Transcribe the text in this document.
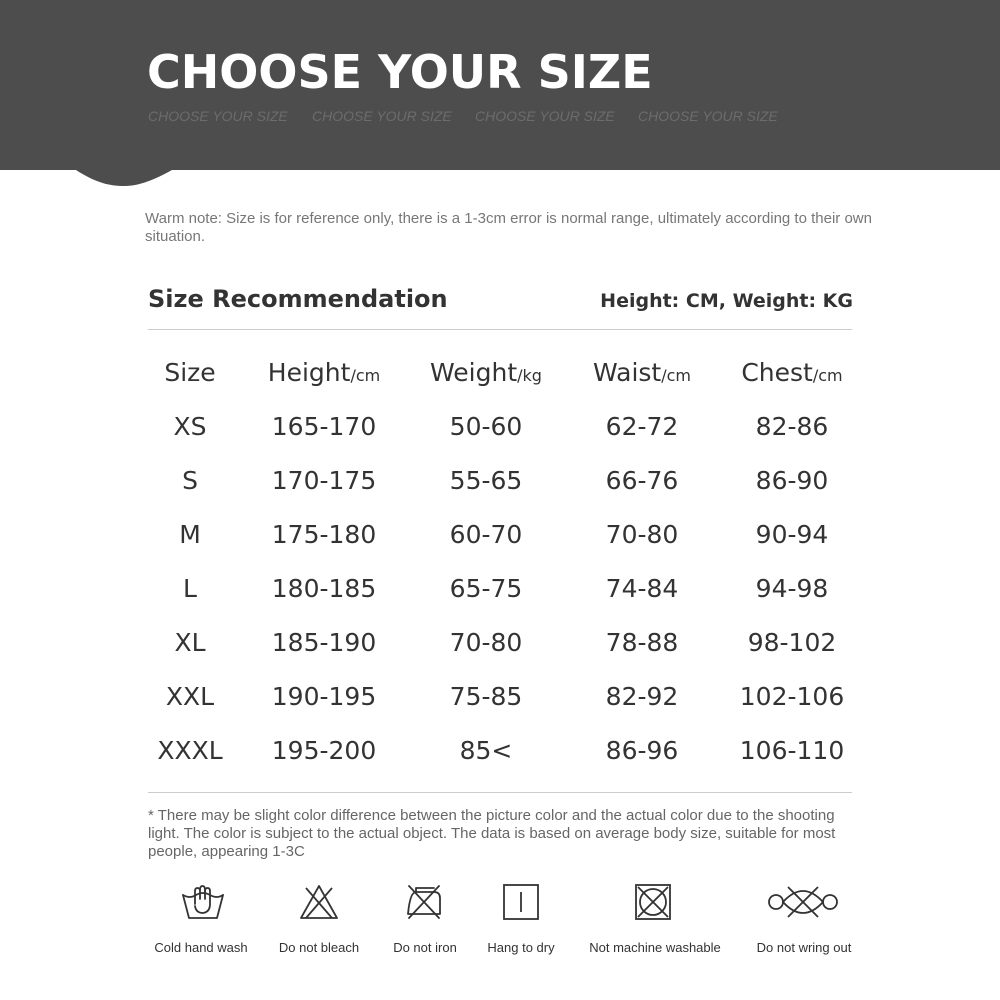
CHOOSE YOUR SIZE
CHOOSE YOUR SIZE CHOOSE YOUR SIZE CHOOSE YOUR SIZE CHOOSE YOUR SIZE

Warm note: Size is for reference only, there is a 1-3cm error is normal range, ultimately according to their own situation.

Size Recommendation	Height: CM, Weight: KG
Size	Height/cm	Weight/kg	Waist/cm	Chest/cm
XS	165-170	50-60	62-72	82-86
S	170-175	55-65	66-76	86-90
M	175-180	60-70	70-80	90-94
L	180-185	65-75	74-84	94-98
XL	185-190	70-80	78-88	98-102
XXL	190-195	75-85	82-92	102-106
XXXL	195-200	85<	86-96	106-110

* There may be slight color difference between the picture color and the actual color due to the shooting light. The color is subject to the actual object. The data is based on average body size, suitable for most people, appearing 1-3C

Cold hand wash Do not bleach	Do not iron Hang to dry	Not machine washable	Do not wring out
